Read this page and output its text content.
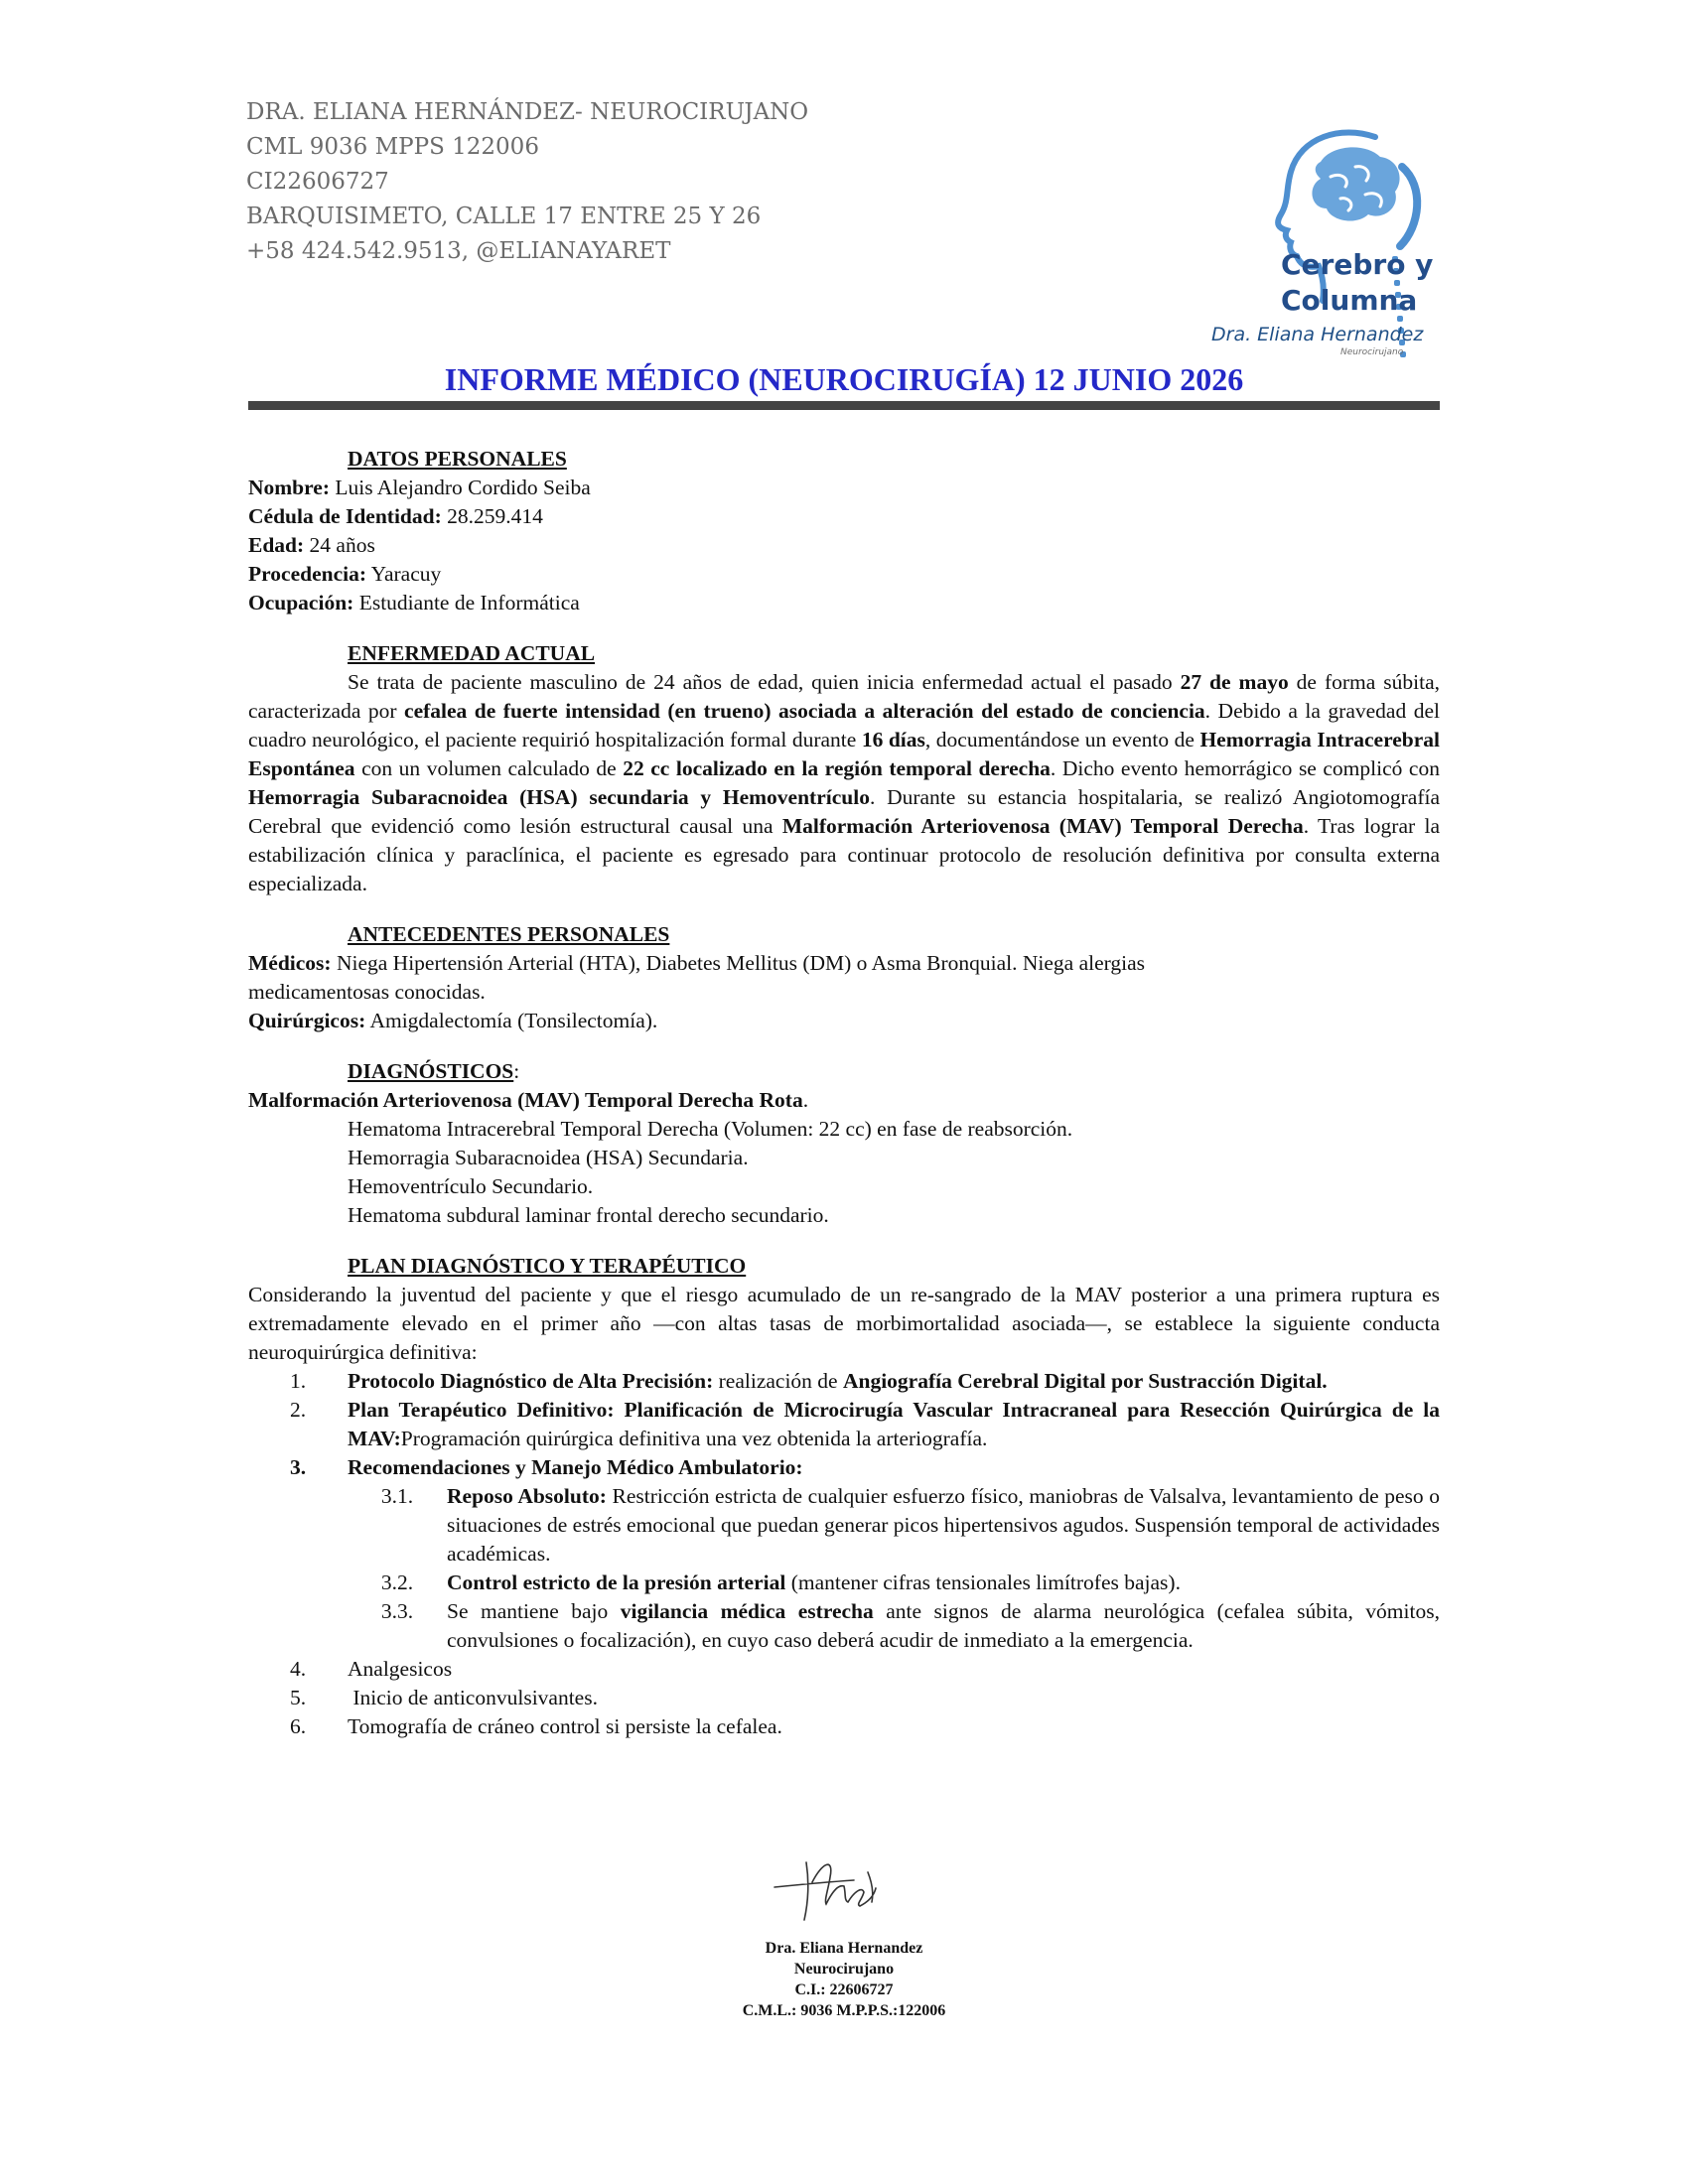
DRA. ELIANA HERNÁNDEZ- NEUROCIRUJANO
CML 9036 MPPS 122006
CI22606727
BARQUISIMETO, CALLE 17 ENTRE 25 Y 26
+58 424.542.9513, @ELIANAYARET	Cerebro y
Columna
Dra. Eliana Hernandez
Neurocirujano
INFORME MÉDICO (NEUROCIRUGÍA) 12 JUNIO 2026

DATOS PERSONALES

Nombre: Luis Alejandro Cordido Seiba

Cédula de Identidad: 28.259.414

Edad: 24 años

Procedencia: Yaracuy

Ocupación: Estudiante de Informática

ENFERMEDAD ACTUAL

Se trata de paciente masculino de 24 años de edad, quien inicia enfermedad actual el pasado 27 de mayo de forma súbita, caracterizada por cefalea de fuerte intensidad (en trueno) asociada a alteración del estado de conciencia. Debido a la gravedad del cuadro neurológico, el paciente requirió hospitalización formal durante 16 días, documentándose un evento de Hemorragia Intracerebral Espontánea con un volumen calculado de 22 cc localizado en la región temporal derecha. Dicho evento hemorrágico se complicó con Hemorragia Subaracnoidea (HSA) secundaria y Hemoventrículo. Durante su estancia hospitalaria, se realizó Angiotomografía Cerebral que evidenció como lesión estructural causal una Malformación Arteriovenosa (MAV) Temporal Derecha. Tras lograr la estabilización clínica y paraclínica, el paciente es egresado para continuar protocolo de resolución definitiva por consulta externa especializada.

ANTECEDENTES PERSONALES

Médicos: Niega Hipertensión Arterial (HTA), Diabetes Mellitus (DM) o Asma Bronquial. Niega alergias

medicamentosas conocidas.

Quirúrgicos: Amigdalectomía (Tonsilectomía).

DIAGNÓSTICOS:

Malformación Arteriovenosa (MAV) Temporal Derecha Rota.

Hematoma Intracerebral Temporal Derecha (Volumen: 22 cc) en fase de reabsorción.

Hemorragia Subaracnoidea (HSA) Secundaria.

Hemoventrículo Secundario.

Hematoma subdural laminar frontal derecho secundario.

PLAN DIAGNÓSTICO Y TERAPÉUTICO

Considerando la juventud del paciente y que el riesgo acumulado de un re-sangrado de la MAV posterior a una primera ruptura es extremadamente elevado en el primer año —con altas tasas de morbimortalidad asociada—, se establece la siguiente conducta neuroquirúrgica definitiva:

1.	Protocolo Diagnóstico de Alta Precisión: realización de Angiografía Cerebral Digital por Sustracción Digital.
2.	Plan Terapéutico Definitivo: Planificación de Microcirugía Vascular Intracraneal para Resección Quirúrgica de la MAV:Programación quirúrgica definitiva una vez obtenida la arteriografía.
3.	Recomendaciones y Manejo Médico Ambulatorio:
3.1.	Reposo Absoluto: Restricción estricta de cualquier esfuerzo físico, maniobras de Valsalva, levantamiento de peso o situaciones de estrés emocional que puedan generar picos hipertensivos agudos. Suspensión temporal de actividades académicas.
3.2.	Control estricto de la presión arterial (mantener cifras tensionales limítrofes bajas).
3.3.	Se mantiene bajo vigilancia médica estrecha ante signos de alarma neurológica (cefalea súbita, vómitos, convulsiones o focalización), en cuyo caso deberá acudir de inmediato a la emergencia.
4.	Analgesicos
5.	Inicio de anticonvulsivantes.
6.	Tomografía de cráneo control si persiste la cefalea.
Dra. Eliana Hernandez
Neurocirujano
C.I.: 22606727
C.M.L.: 9036 M.P.P.S.:122006
